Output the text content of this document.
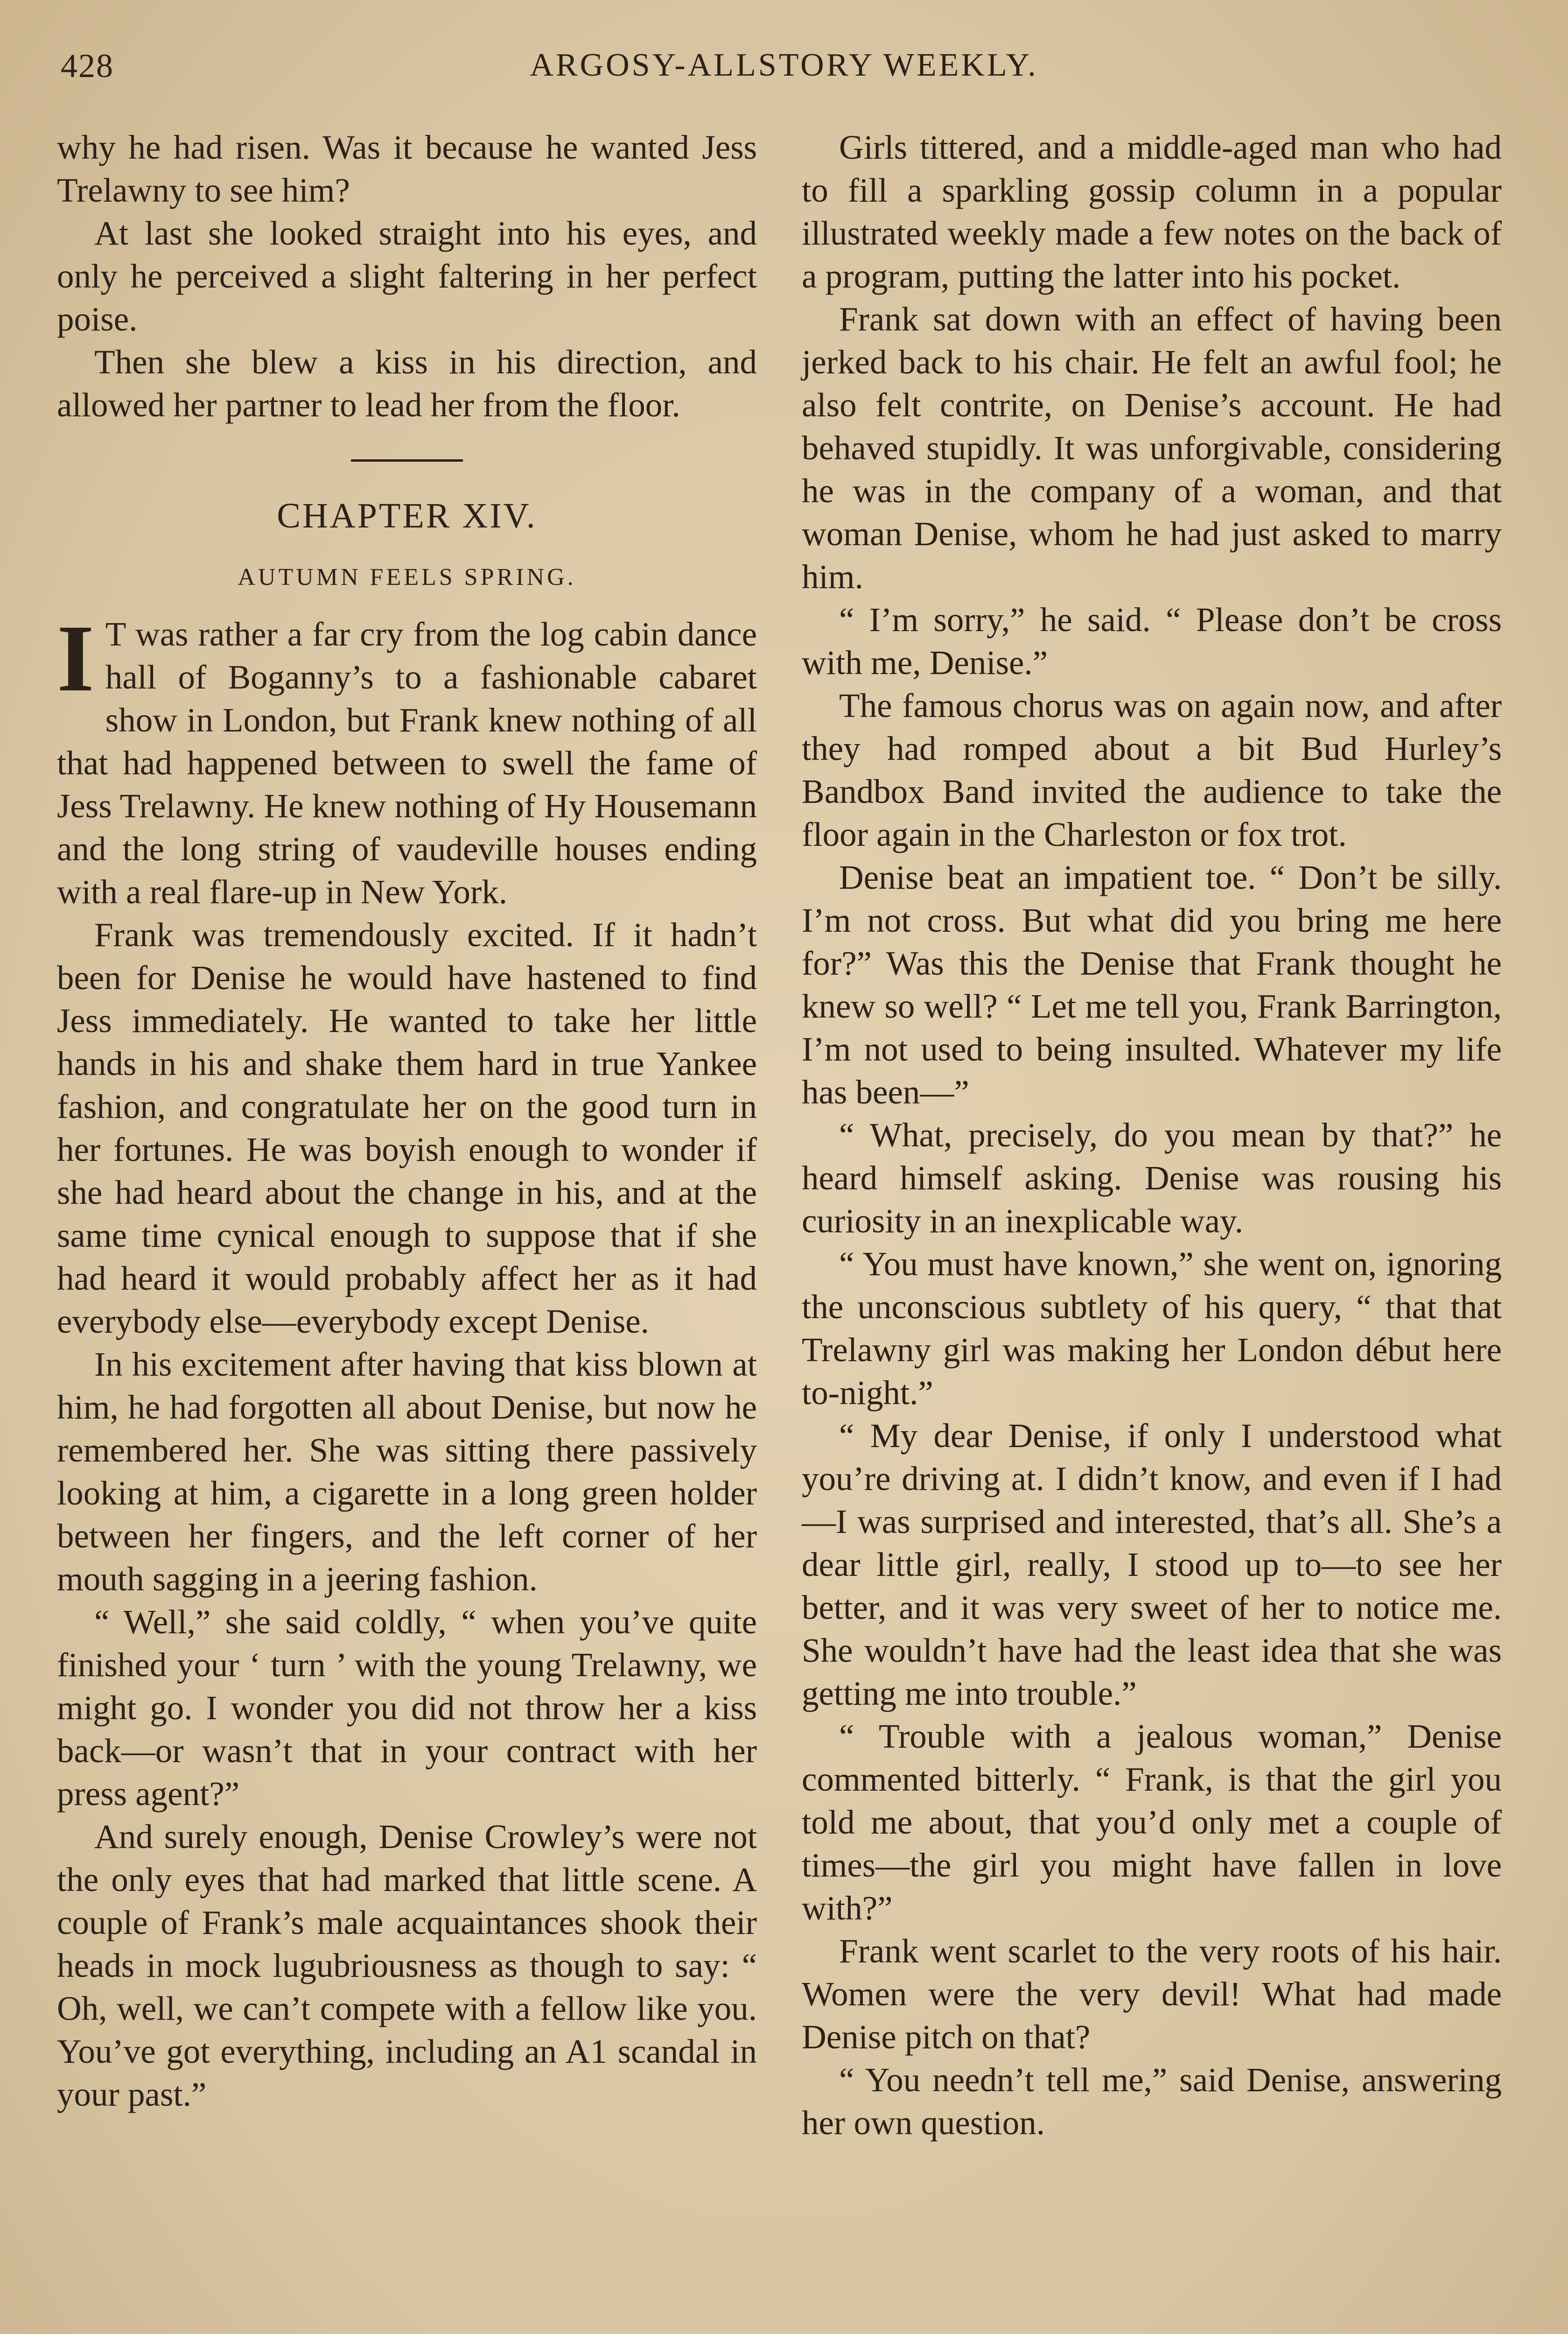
428	ARGOSY-ALLSTORY WEEKLY.

why he had risen. Was it because he wanted Jess Trelawny to see him?

At last she looked straight into his eyes, and only he perceived a slight faltering in her perfect poise.

Then she blew a kiss in his direction, and allowed her partner to lead her from the floor.

CHAPTER XIV.
AUTUMN FEELS SPRING.

I T was rather a far cry from the log cabin dance hall of Boganny’s to a fashionable cabaret show in London, but Frank knew nothing of all that had happened between to swell the fame of Jess Trelawny. He knew nothing of Hy Housemann and the long string of vaudeville houses ending with a real flare-up in New York.

Frank was tremendously excited. If it hadn’t been for Denise he would have hastened to find Jess immediately. He wanted to take her little hands in his and shake them hard in true Yankee fashion, and congratulate her on the good turn in her fortunes. He was boyish enough to wonder if she had heard about the change in his, and at the same time cynical enough to suppose that if she had heard it would probably affect her as it had everybody else—everybody except Denise.

In his excitement after having that kiss blown at him, he had forgotten all about Denise, but now he remembered her. She was sitting there passively looking at him, a cigarette in a long green holder between her fingers, and the left corner of her mouth sagging in a jeering fashion.

“ Well,” she said coldly, “ when you’ve quite finished your ‘ turn ’ with the young Trelawny, we might go. I wonder you did not throw her a kiss back—or wasn’t that in your contract with her press agent?”

And surely enough, Denise Crowley’s were not the only eyes that had marked that little scene. A couple of Frank’s male acquaintances shook their heads in mock lugubriousness as though to say: “ Oh, well, we can’t compete with a fellow like you. You’ve got everything, including an A1 scandal in your past.”

Girls tittered, and a middle-aged man who had to fill a sparkling gossip column in a popular illustrated weekly made a few notes on the back of a program, putting the latter into his pocket.

Frank sat down with an effect of having been jerked back to his chair. He felt an awful fool; he also felt contrite, on Denise’s account. He had behaved stupidly. It was unforgivable, considering he was in the company of a woman, and that woman Denise, whom he had just asked to marry him.

“ I’m sorry,” he said. “ Please don’t be cross with me, Denise.”

The famous chorus was on again now, and after they had romped about a bit Bud Hurley’s Bandbox Band invited the audience to take the floor again in the Charleston or fox trot.

Denise beat an impatient toe. “ Don’t be silly. I’m not cross. But what did you bring me here for?” Was this the Denise that Frank thought he knew so well? “ Let me tell you, Frank Barrington, I’m not used to being insulted. Whatever my life has been—”

“ What, precisely, do you mean by that?” he heard himself asking. Denise was rousing his curiosity in an inexplicable way.

“ You must have known,” she went on, ignoring the unconscious subtlety of his query, “ that that Trelawny girl was making her London début here to-night.”

“ My dear Denise, if only I understood what you’re driving at. I didn’t know, and even if I had—I was surprised and interested, that’s all. She’s a dear little girl, really, I stood up to—to see her better, and it was very sweet of her to notice me. She wouldn’t have had the least idea that she was getting me into trouble.”

“ Trouble with a jealous woman,” Denise commented bitterly. “ Frank, is that the girl you told me about, that you’d only met a couple of times—the girl you might have fallen in love with?”

Frank went scarlet to the very roots of his hair. Women were the very devil! What had made Denise pitch on that?

“ You needn’t tell me,” said Denise, answering her own question.
